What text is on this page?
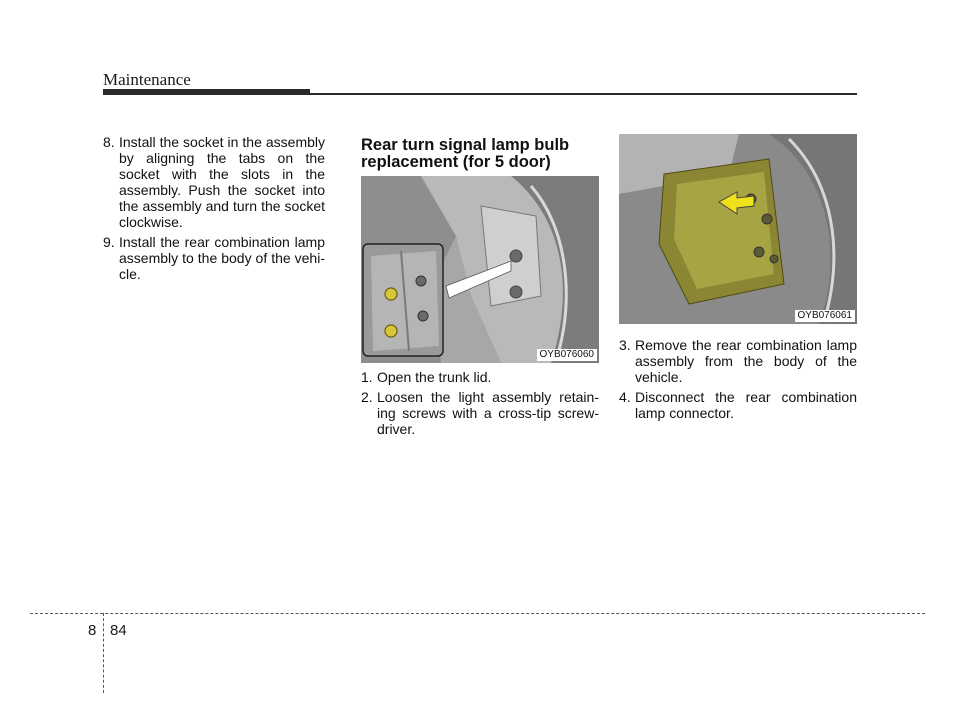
Maintenance
8. Install the socket in the assembly by aligning the tabs on the socket with the slots in the assembly. Push the socket into the assembly and turn the socket clockwise.
9. Install the rear combination lamp assembly to the body of the vehi-cle.
Rear turn signal lamp bulb replacement (for 5 door)
OYB076060
1. Open the trunk lid.
2. Loosen the light assembly retain-ing screws with a cross-tip screw-driver.
OYB076061
3. Remove the rear combination lamp assembly from the body of the vehicle.
4. Disconnect the rear combination lamp connector.
8 84
